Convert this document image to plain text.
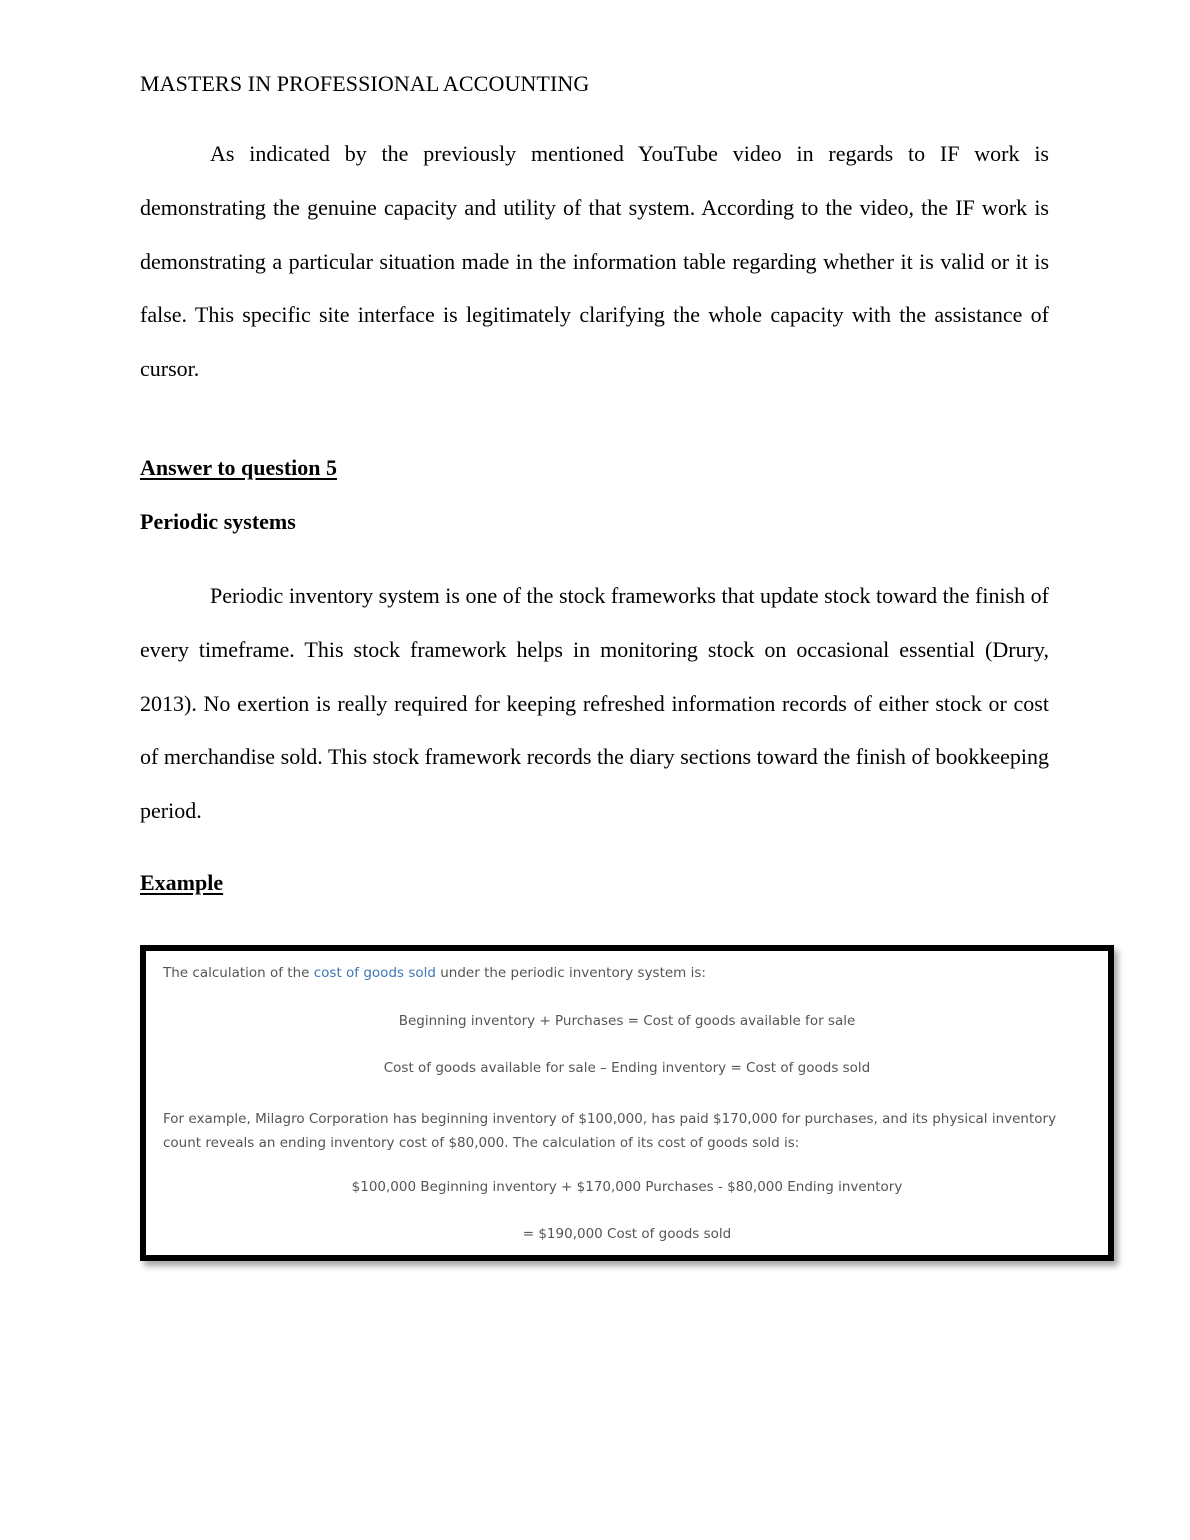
MASTERS IN PROFESSIONAL ACCOUNTING

As indicated by the previously mentioned YouTube video in regards to IF work is demonstrating the genuine capacity and utility of that system. According to the video, the IF work is demonstrating a particular situation made in the information table regarding whether it is valid or it is false. This specific site interface is legitimately clarifying the whole capacity with the assistance of cursor.

Answer to question 5
Periodic systems

Periodic inventory system is one of the stock frameworks that update stock toward the finish of every timeframe. This stock framework helps in monitoring stock on occasional essential (Drury, 2013). No exertion is really required for keeping refreshed information records of either stock or cost of merchandise sold. This stock framework records the diary sections toward the finish of bookkeeping period.

Example
The calculation of the cost of goods sold under the periodic inventory system is:
Beginning inventory + Purchases = Cost of goods available for sale
Cost of goods available for sale – Ending inventory = Cost of goods sold

For example, Milagro Corporation has beginning inventory of $100,000, has paid $170,000 for purchases, and its physical inventory count reveals an ending inventory cost of $80,000. The calculation of its cost of goods sold is:

$100,000 Beginning inventory + $170,000 Purchases - $80,000 Ending inventory
= $190,000 Cost of goods sold
